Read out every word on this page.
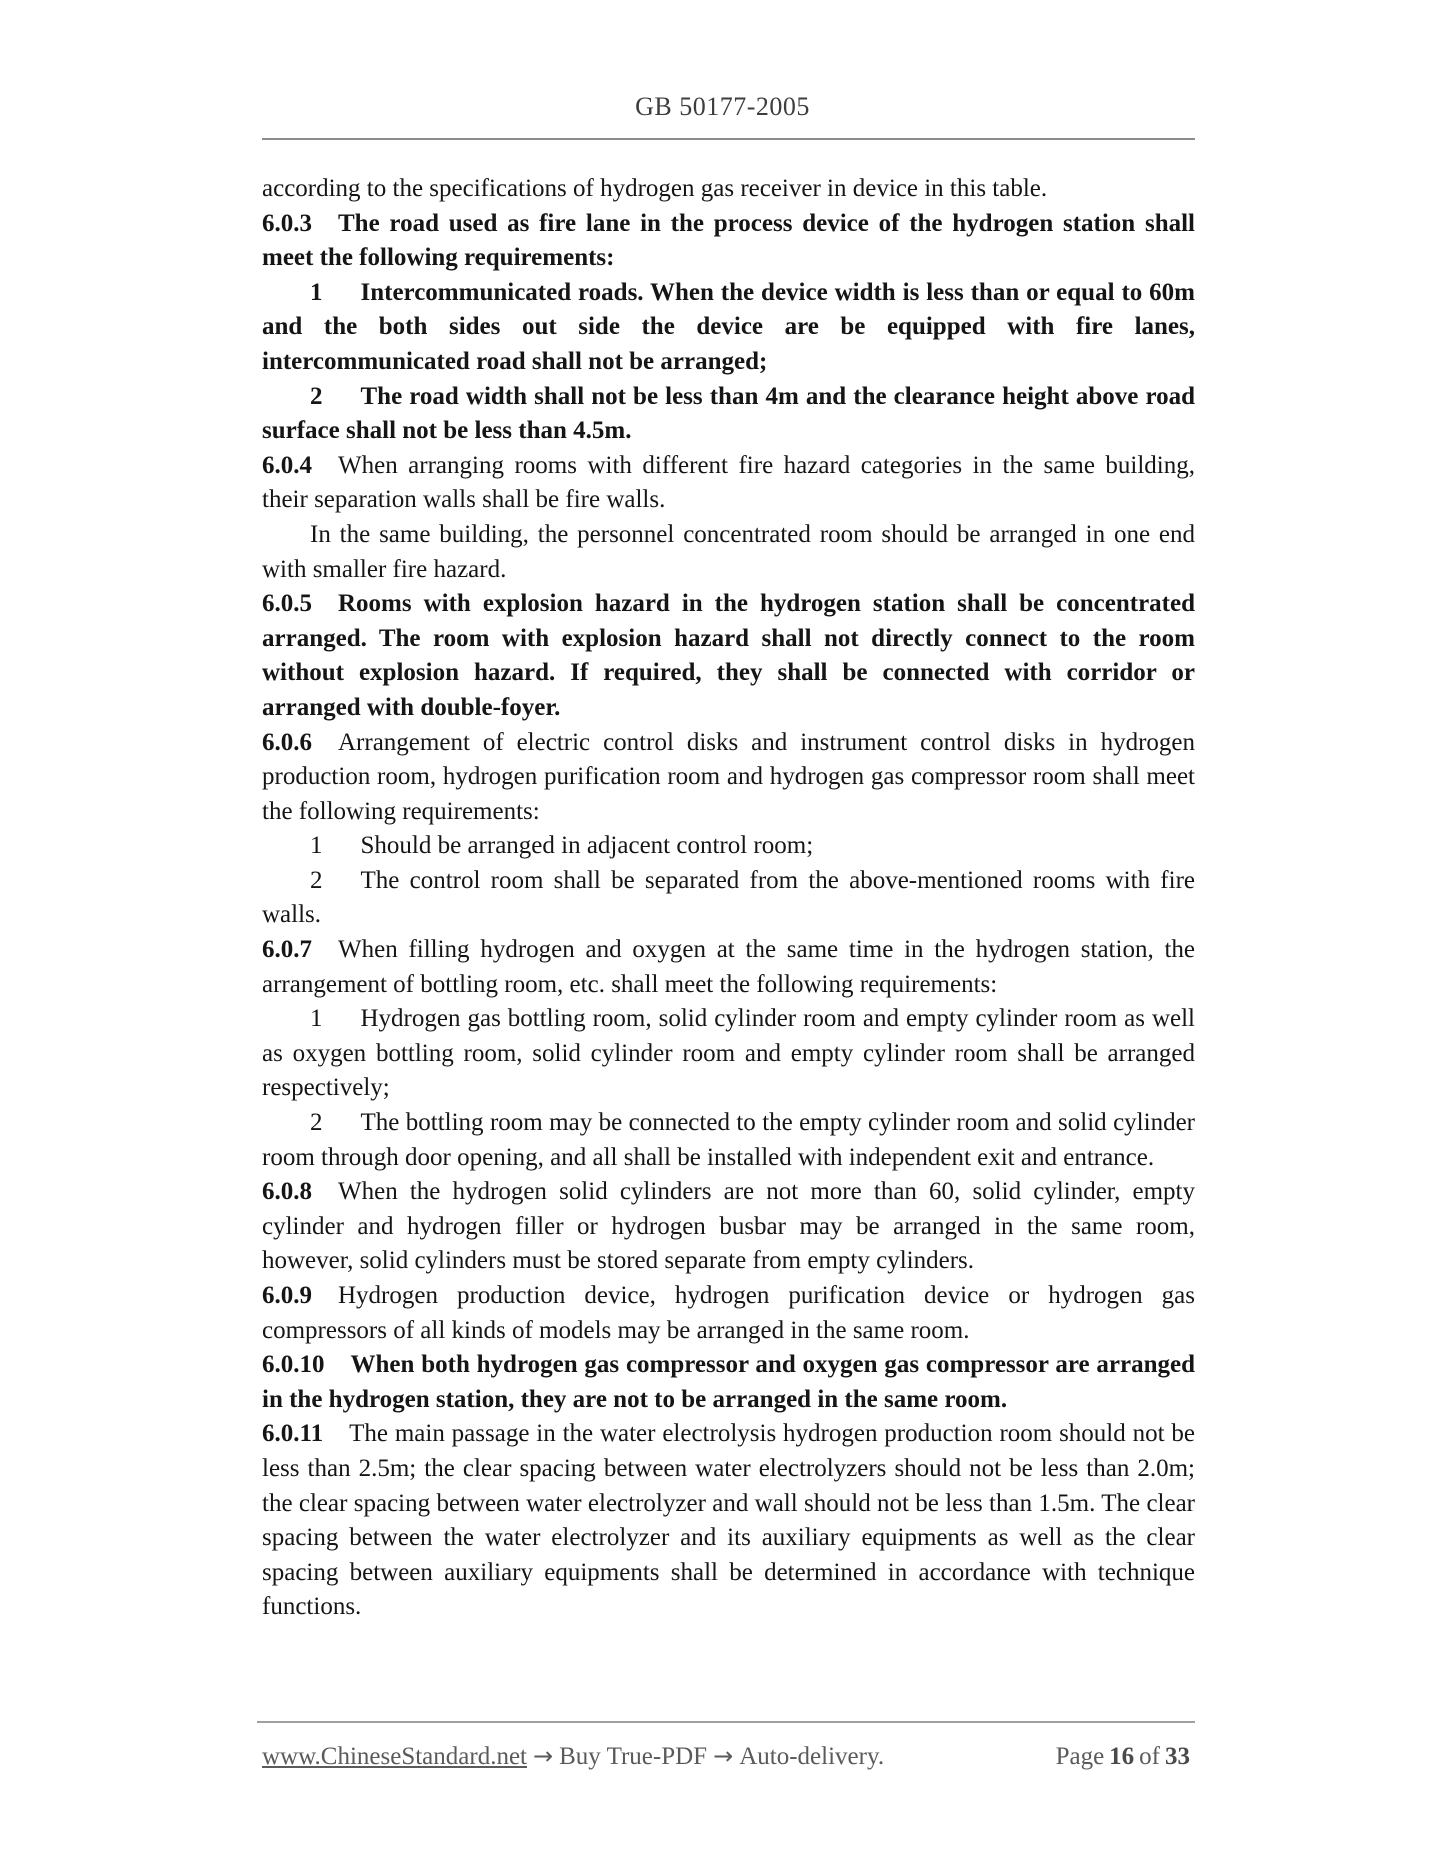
GB 50177-2005

according to the specifications of hydrogen gas receiver in device in this table.

6.0.3 The road used as fire lane in the process device of the hydrogen station shall meet the following requirements:

1 Intercommunicated roads. When the device width is less than or equal to 60m and the both sides out side the device are be equipped with fire lanes, intercommunicated road shall not be arranged;

2 The road width shall not be less than 4m and the clearance height above road surface shall not be less than 4.5m.

6.0.4 When arranging rooms with different fire hazard categories in the same building, their separation walls shall be fire walls.

In the same building, the personnel concentrated room should be arranged in one end with smaller fire hazard.

6.0.5 Rooms with explosion hazard in the hydrogen station shall be concentrated arranged. The room with explosion hazard shall not directly connect to the room without explosion hazard. If required, they shall be connected with corridor or arranged with double-foyer.

6.0.6 Arrangement of electric control disks and instrument control disks in hydrogen production room, hydrogen purification room and hydrogen gas compressor room shall meet the following requirements:

1 Should be arranged in adjacent control room;

2 The control room shall be separated from the above-mentioned rooms with fire walls.

6.0.7 When filling hydrogen and oxygen at the same time in the hydrogen station, the arrangement of bottling room, etc. shall meet the following requirements:

1 Hydrogen gas bottling room, solid cylinder room and empty cylinder room as well as oxygen bottling room, solid cylinder room and empty cylinder room shall be arranged respectively;

2 The bottling room may be connected to the empty cylinder room and solid cylinder room through door opening, and all shall be installed with independent exit and entrance.

6.0.8 When the hydrogen solid cylinders are not more than 60, solid cylinder, empty cylinder and hydrogen filler or hydrogen busbar may be arranged in the same room, however, solid cylinders must be stored separate from empty cylinders.

6.0.9 Hydrogen production device, hydrogen purification device or hydrogen gas compressors of all kinds of models may be arranged in the same room.

6.0.10 When both hydrogen gas compressor and oxygen gas compressor are arranged in the hydrogen station, they are not to be arranged in the same room.

6.0.11 The main passage in the water electrolysis hydrogen production room should not be less than 2.5m; the clear spacing between water electrolyzers should not be less than 2.0m; the clear spacing between water electrolyzer and wall should not be less than 1.5m. The clear spacing between the water electrolyzer and its auxiliary equipments as well as the clear spacing between auxiliary equipments shall be determined in accordance with technique functions.

www.ChineseStandard.net → Buy True-PDF → Auto-delivery.	Page 16 of 33
